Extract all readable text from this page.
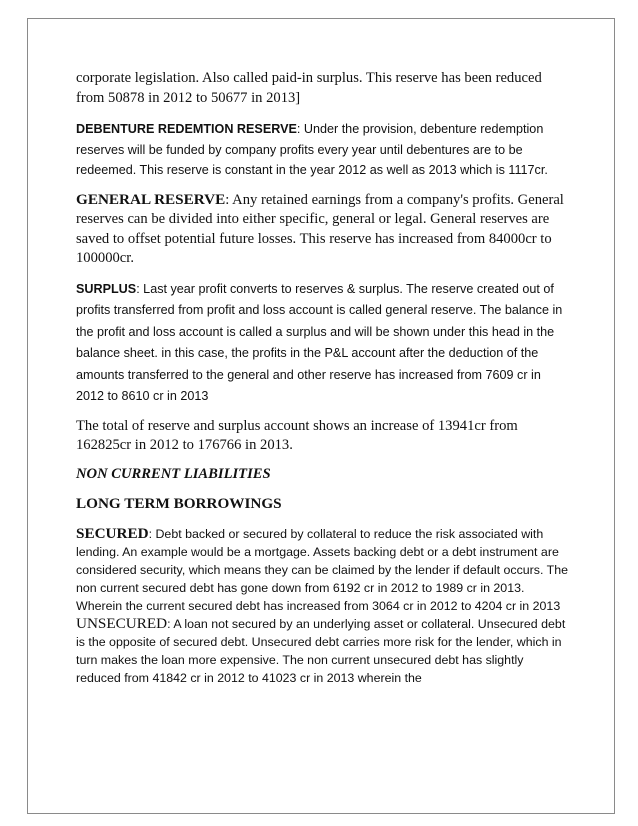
corporate legislation. Also called paid-in surplus. This reserve has been reduced from 50878 in 2012 to 50677 in 2013]

DEBENTURE REDEMTION RESERVE: Under the provision, debenture redemption reserves will be funded by company profits every year until debentures are to be redeemed. This reserve is constant in the year 2012 as well as 2013 which is 1117cr.

GENERAL RESERVE: Any retained earnings from a company's profits. General reserves can be divided into either specific, general or legal. General reserves are saved to offset potential future losses. This reserve has increased from 84000cr to 100000cr.

SURPLUS: Last year profit converts to reserves & surplus. The reserve created out of profits transferred from profit and loss account is called general reserve. The balance in the profit and loss account is called a surplus and will be shown under this head in the balance sheet. in this case, the profits in the P&L account after the deduction of the amounts transferred to the general and other reserve has increased from 7609 cr in 2012 to 8610 cr in 2013

The total of reserve and surplus account shows an increase of 13941cr from 162825cr in 2012 to 176766 in 2013.

NON CURRENT LIABILITIES

LONG TERM BORROWINGS

SECURED: Debt backed or secured by collateral to reduce the risk associated with lending. An example would be a mortgage. Assets backing debt or a debt instrument are considered security, which means they can be claimed by the lender if default occurs. The non current secured debt has gone down from 6192 cr in 2012 to 1989 cr in 2013. Wherein the current secured debt has increased from 3064 cr in 2012 to 4204 cr in 2013

UNSECURED: A loan not secured by an underlying asset or collateral. Unsecured debt is the opposite of secured debt. Unsecured debt carries more risk for the lender, which in turn makes the loan more expensive. The non current unsecured debt has slightly reduced from 41842 cr in 2012 to 41023 cr in 2013 wherein the
